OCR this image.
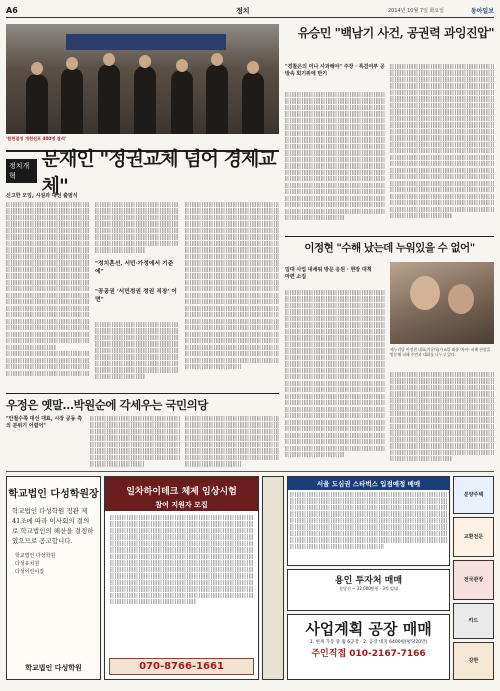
A6	정치	2014년 10월 7일 화요일	동아일보
'합헌결정 개헌선포 400명 참석'
정치개혁
문재인 "정권교체 넘어 경제교체"
신고한 모임, 시설과 대선 출범식
"정치혼선, 서민·가정에서 기준에"
"공공권 '서민정권 정권 직장' 이면"
우정은 옛말…박원순에 각세우는 국민의당
"안철수쪽 대선 대표, 시장 공동 측의 분위기 어렵어"
유승민 "백남기 사건, 공권력 과잉진압"
"경찰은의 미나 사과해야" 주장 · 특검여부 공방속 회기위에 반기
이정현 "수해 났는데 누워있을 수 없어"
임대 사업 내세워 방문 응원 · 현장 대책 마련 소집
새누리당 이정현 대표(가운데)가 6일 태풍 '차바' 피해 현장을 방문해 피해 주민과 대화를 나누고 있다.
학교법인 다성학원장
학교법인 다성학원 정관 제41조에 따라 이사회의 결의로 학교법인의 해산을 결정하였으므로 공고합니다.
학교법인 다성학원
다성유치원
다성어린이집
학교법인 다성학원
일차하이테크 체제 임상시험
참여 지원자 모집
070-8766-1661
서울 도심권 스타벅스 입점예정 매매
용인 투자처 매매
분당선 ~ 32,000만원 · 3억 임대
사업계획 공장 매매
1. 현재 가동 중 월 6공장 · 2. 공장 대지 6400평(평당20만)
주인직접 010-2167-7166
분양주택
교환전문
전국관장
카드
강한
